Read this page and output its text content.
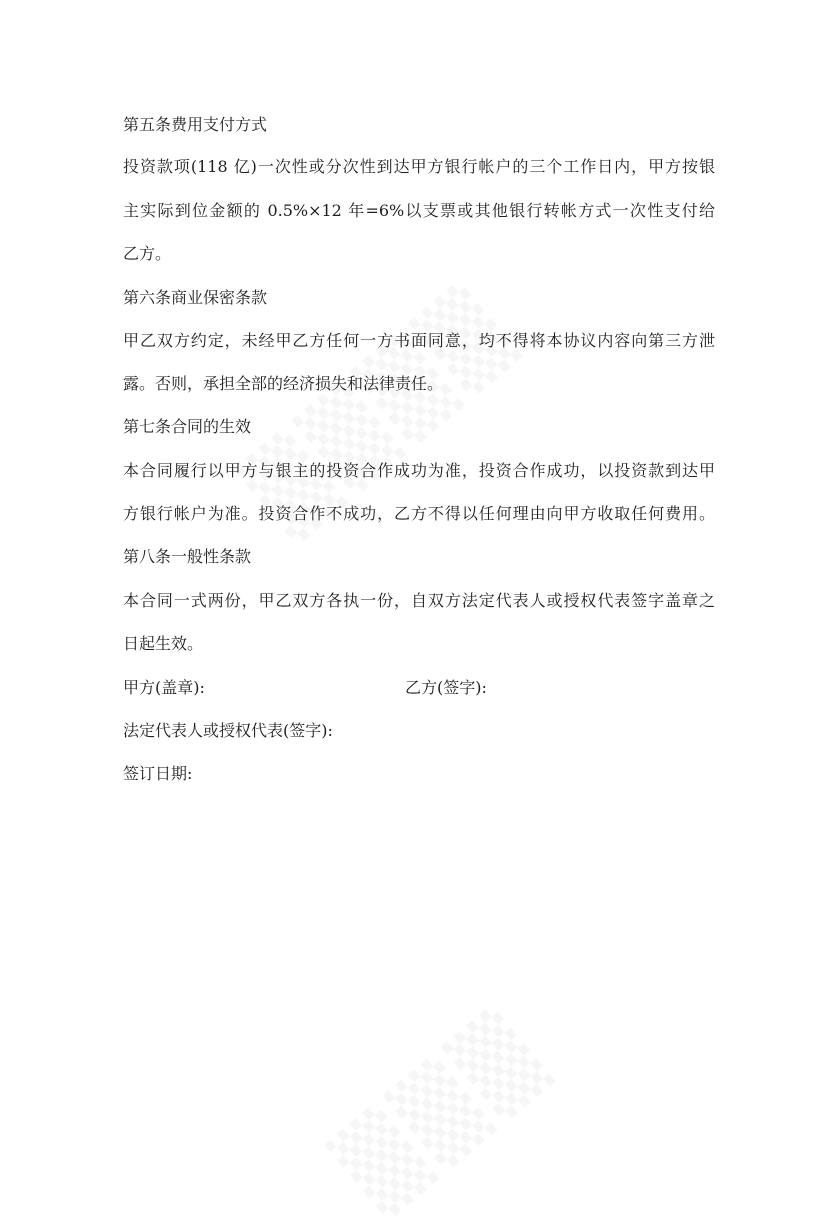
第五条费用支付方式

投资款项(118 亿)一次性或分次性到达甲方银行帐户的三个工作日内，甲方按银

主实际到位金额的 0.5%×12 年=6%以支票或其他银行转帐方式一次性支付给

乙方。

第六条商业保密条款

甲乙双方约定，未经甲乙方任何一方书面同意，均不得将本协议内容向第三方泄

露。否则，承担全部的经济损失和法律责任。

第七条合同的生效

本合同履行以甲方与银主的投资合作成功为准，投资合作成功，以投资款到达甲

方银行帐户为准。投资合作不成功，乙方不得以任何理由向甲方收取任何费用。

第八条一般性条款

本合同一式两份，甲乙双方各执一份，自双方法定代表人或授权代表签字盖章之

日起生效。

甲方(盖章):	乙方(签字):

法定代表人或授权代表(签字):

签订日期:
